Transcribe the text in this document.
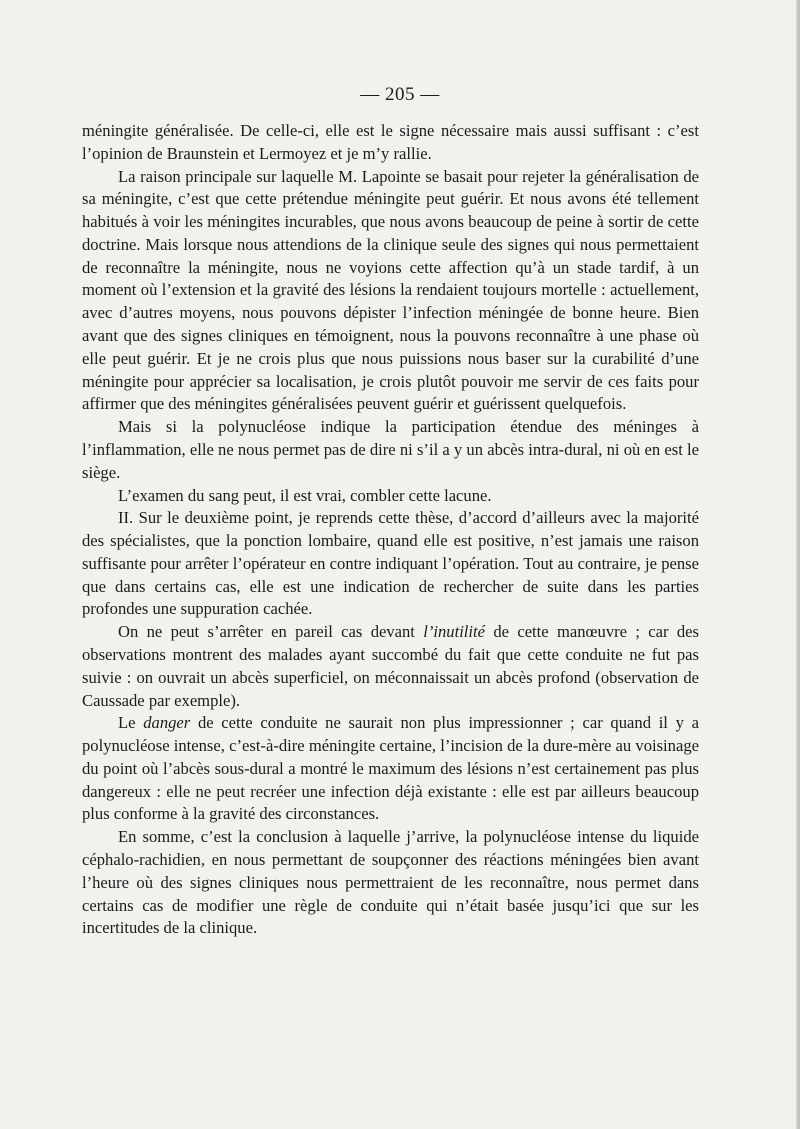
— 205 —

méningite généralisée. De celle-ci, elle est le signe nécessaire mais aussi suffisant : c’est l’opinion de Braunstein et Lermoyez et je m’y rallie.

La raison principale sur laquelle M. Lapointe se basait pour rejeter la généralisation de sa méningite, c’est que cette prétendue méningite peut guérir. Et nous avons été tellement habitués à voir les méningites incurables, que nous avons beaucoup de peine à sortir de cette doctrine. Mais lorsque nous attendions de la clinique seule des signes qui nous permettaient de reconnaître la méningite, nous ne voyions cette affection qu’à un stade tardif, à un moment où l’extension et la gravité des lésions la rendaient toujours mortelle : actuellement, avec d’autres moyens, nous pouvons dépister l’infection méningée de bonne heure. Bien avant que des signes cliniques en témoignent, nous la pouvons reconnaître à une phase où elle peut guérir. Et je ne crois plus que nous puissions nous baser sur la curabilité d’une méningite pour apprécier sa localisation, je crois plutôt pouvoir me servir de ces faits pour affirmer que des méningites généralisées peuvent guérir et guérissent quelquefois.

Mais si la polynucléose indique la participation étendue des méninges à l’inflammation, elle ne nous permet pas de dire ni s’il a y un abcès intra-dural, ni où en est le siège.

L’examen du sang peut, il est vrai, combler cette lacune.

II. Sur le deuxième point, je reprends cette thèse, d’accord d’ailleurs avec la majorité des spécialistes, que la ponction lombaire, quand elle est positive, n’est jamais une raison suffisante pour arrêter l’opérateur en contre indiquant l’opération. Tout au contraire, je pense que dans certains cas, elle est une indication de rechercher de suite dans les parties profondes une suppuration cachée.

On ne peut s’arrêter en pareil cas devant l’inutilité de cette manœuvre ; car des observations montrent des malades ayant succombé du fait que cette conduite ne fut pas suivie : on ouvrait un abcès superficiel, on méconnaissait un abcès profond (observation de Caussade par exemple).

Le danger de cette conduite ne saurait non plus impressionner ; car quand il y a polynucléose intense, c’est-à-dire méningite certaine, l’incision de la dure-mère au voisinage du point où l’abcès sous-dural a montré le maximum des lésions n’est certainement pas plus dangereux : elle ne peut recréer une infection déjà existante : elle est par ailleurs beaucoup plus conforme à la gravité des circonstances.

En somme, c’est la conclusion à laquelle j’arrive, la polynucléose intense du liquide céphalo-rachidien, en nous permettant de soupçonner des réactions méningées bien avant l’heure où des signes cliniques nous permettraient de les reconnaître, nous permet dans certains cas de modifier une règle de conduite qui n’était basée jusqu’ici que sur les incertitudes de la clinique.
